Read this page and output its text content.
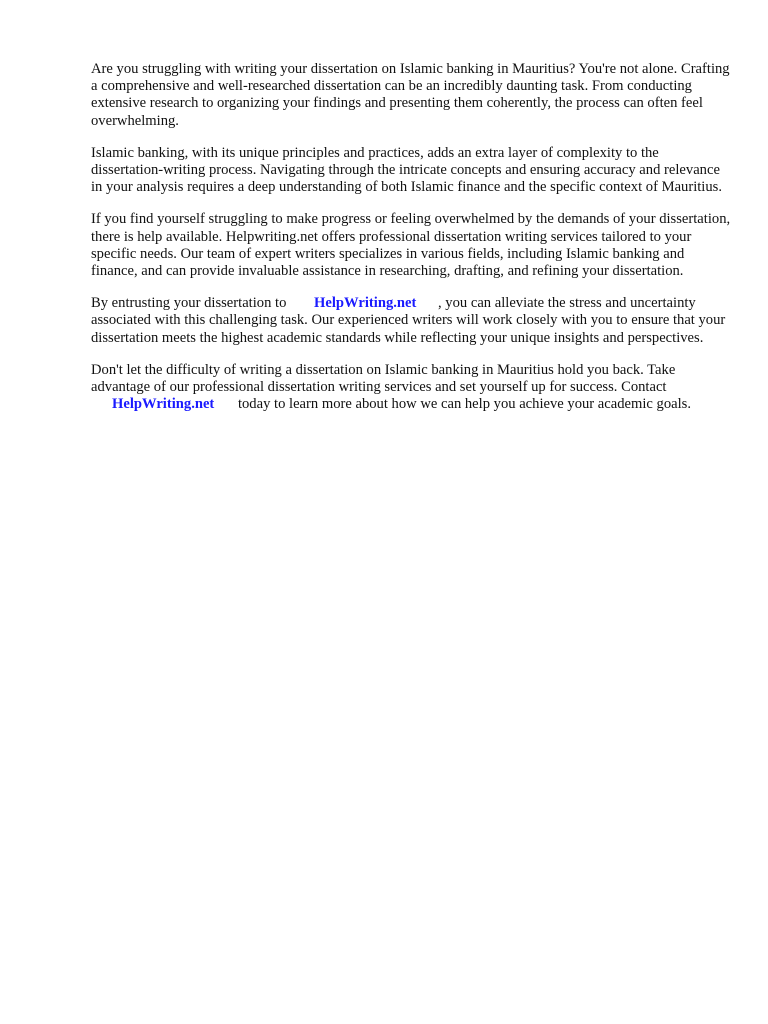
Are you struggling with writing your dissertation on Islamic banking in Mauritius? You're not alone. Crafting a comprehensive and well-researched dissertation can be an incredibly daunting task. From conducting extensive research to organizing your findings and presenting them coherently, the process can often feel overwhelming.

Islamic banking, with its unique principles and practices, adds an extra layer of complexity to the dissertation-writing process. Navigating through the intricate concepts and ensuring accuracy and relevance in your analysis requires a deep understanding of both Islamic finance and the specific context of Mauritius.

If you find yourself struggling to make progress or feeling overwhelmed by the demands of your dissertation, there is help available. Helpwriting.net offers professional dissertation writing services tailored to your specific needs. Our team of expert writers specializes in various fields, including Islamic banking and finance, and can provide invaluable assistance in researching, drafting, and refining your dissertation.

By entrusting your dissertation to HelpWriting.net , you can alleviate the stress and uncertainty associated with this challenging task. Our experienced writers will work closely with you to ensure that your dissertation meets the highest academic standards while reflecting your unique insights and perspectives.

Don't let the difficulty of writing a dissertation on Islamic banking in Mauritius hold you back. Take advantage of our professional dissertation writing services and set yourself up for success. Contact HelpWriting.net today to learn more about how we can help you achieve your academic goals.
